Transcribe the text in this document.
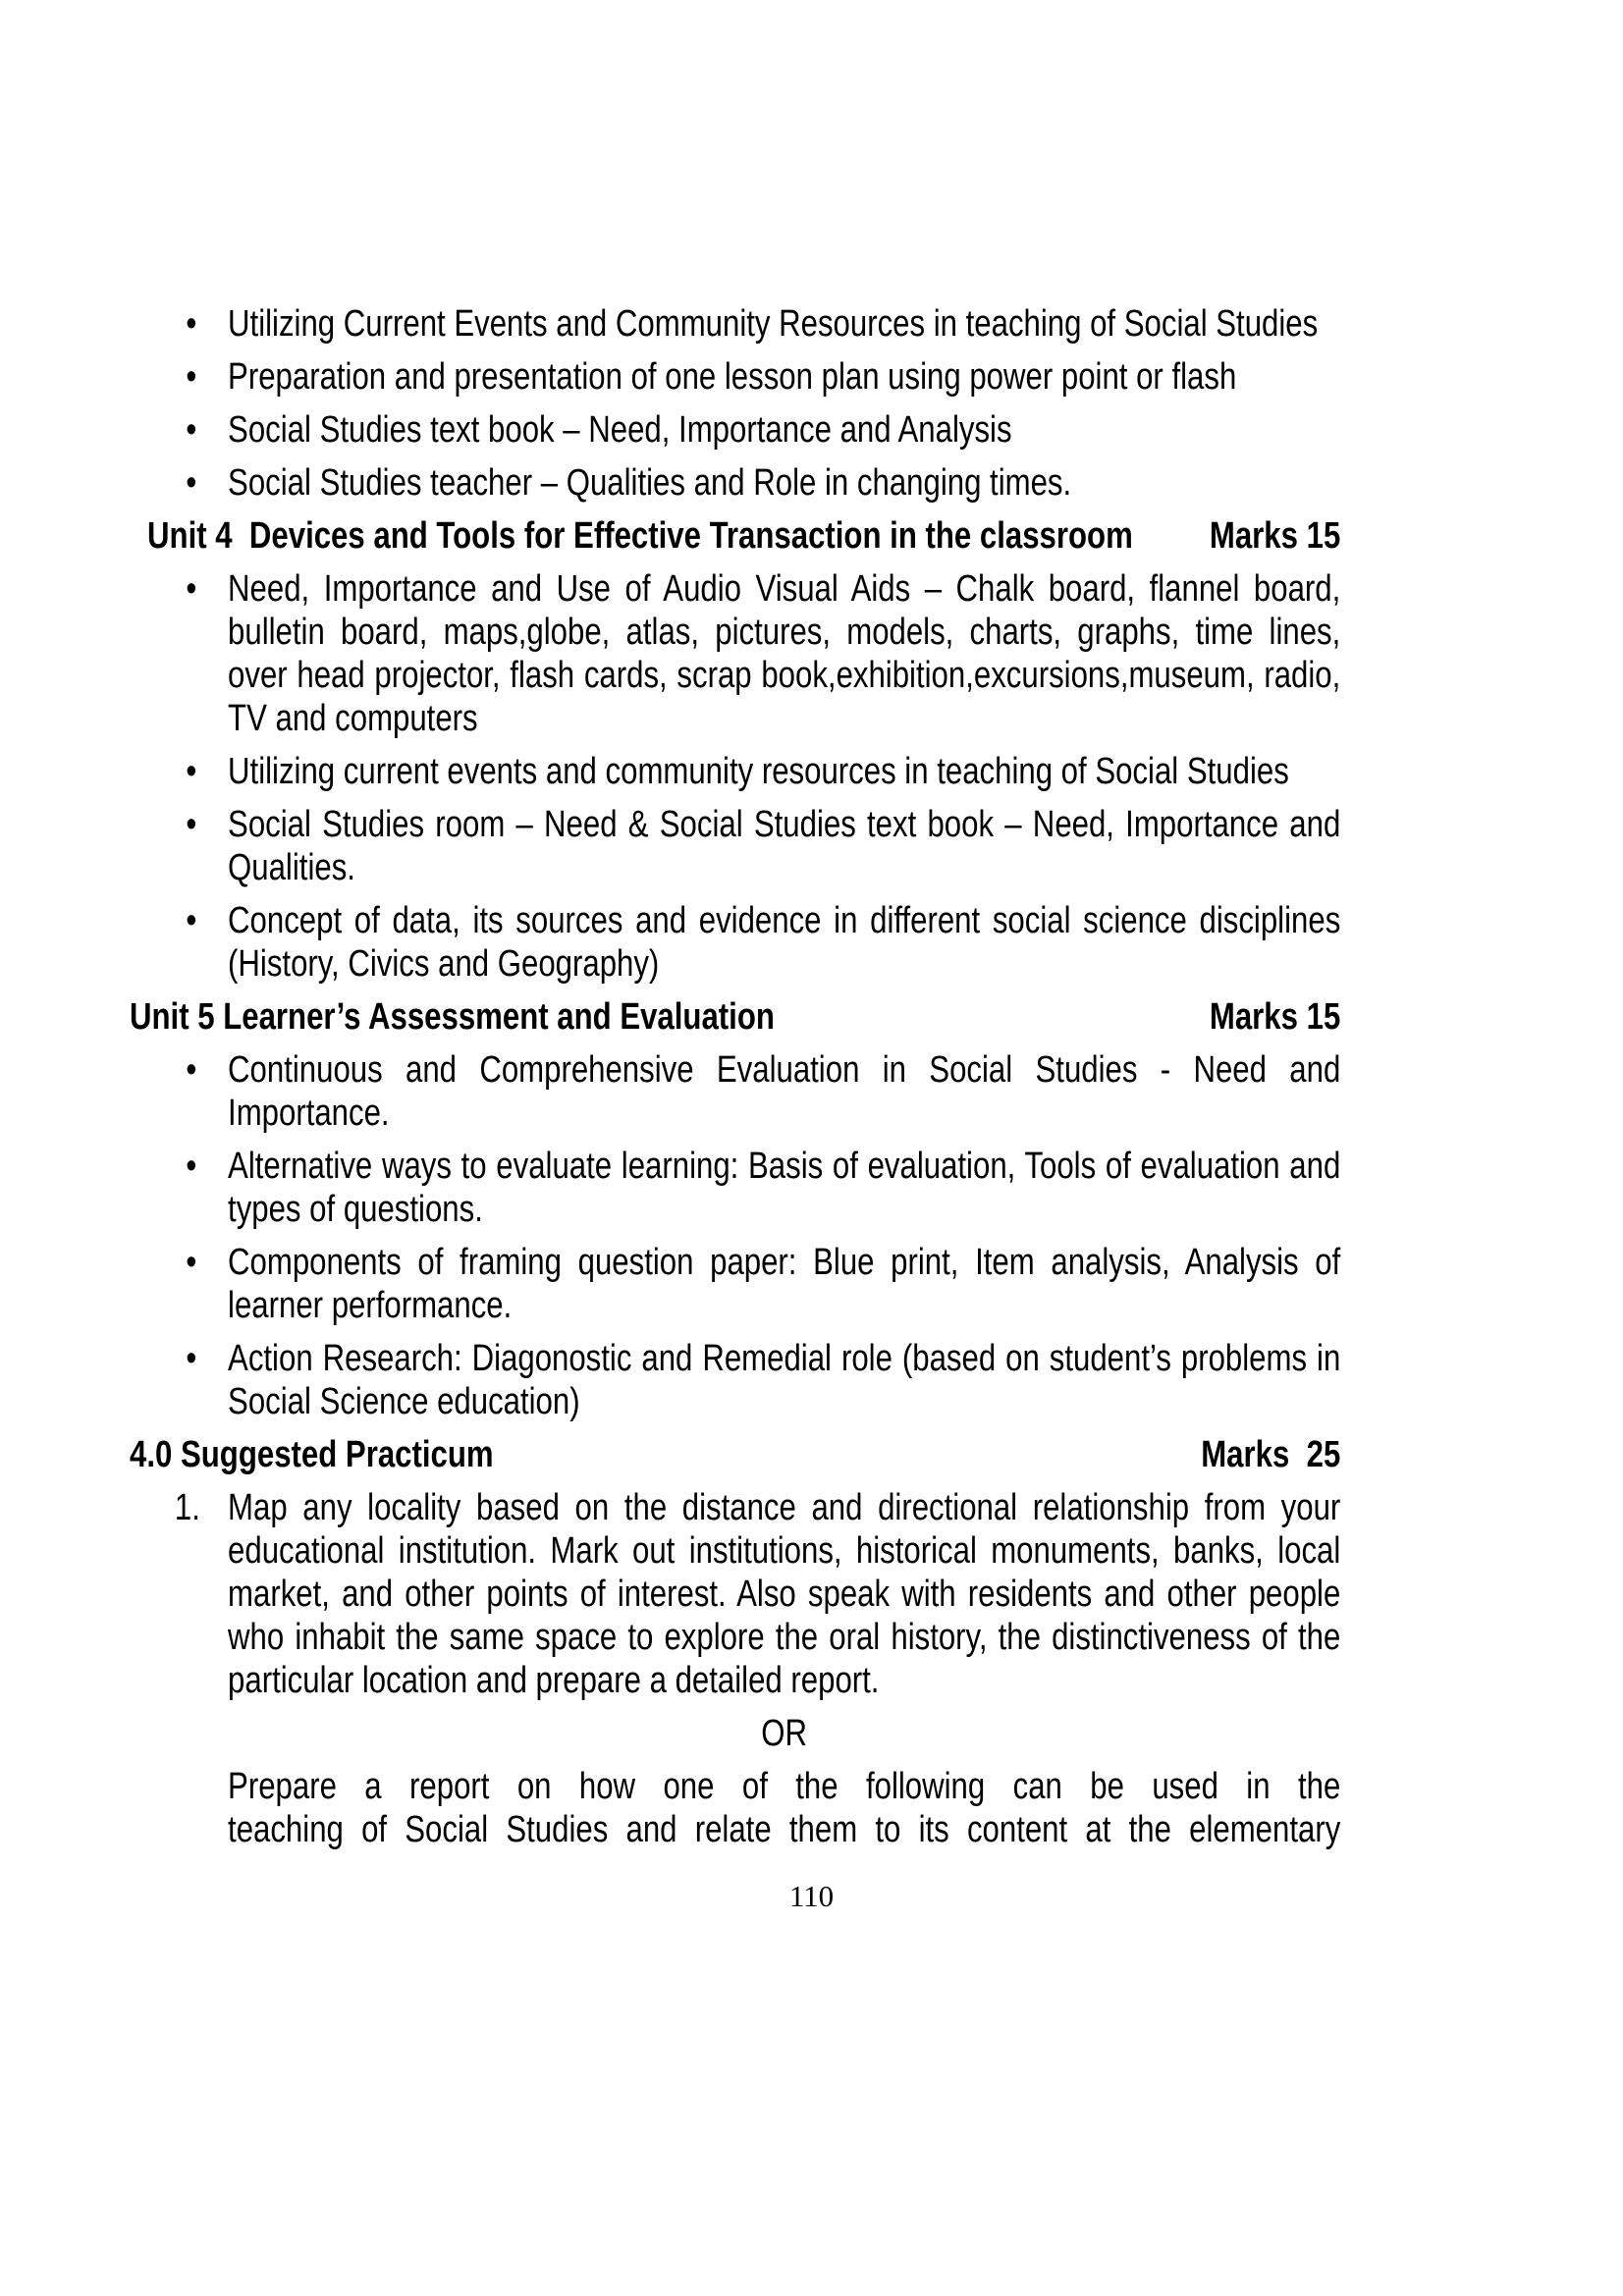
• Utilizing Current Events and Community Resources in teaching of Social Studies
• Preparation and presentation of one lesson plan using power point or flash
• Social Studies text book – Need, Importance and Analysis
• Social Studies teacher – Qualities and Role in changing times.
Unit 4  Devices and Tools for Effective Transaction in the classroom Marks 15
• Need, Importance and Use of Audio Visual Aids – Chalk board, flannel board, bulletin board, maps,globe, atlas, pictures, models, charts, graphs, time lines, over head projector, flash cards, scrap book,exhibition,excursions,museum, radio, TV and computers
• Utilizing current events and community resources in teaching of Social Studies
• Social Studies room – Need & Social Studies text book – Need, Importance and Qualities.
• Concept of data, its sources and evidence in different social science disciplines (History, Civics and Geography)
Unit 5 Learner’s Assessment and Evaluation	Marks 15
• Continuous and Comprehensive Evaluation in Social Studies - Need and Importance.
• Alternative ways to evaluate learning: Basis of evaluation, Tools of evaluation and types of questions.
• Components of framing question paper: Blue print, Item analysis, Analysis of learner performance.
• Action Research: Diagonostic and Remedial role (based on student’s problems in Social Science education)
4.0 Suggested Practicum	Marks  25
1. Map any locality based on the distance and directional relationship from your educational institution. Mark out institutions, historical monuments, banks, local market, and other points of interest. Also speak with residents and other people who inhabit the same space to explore the oral history, the distinctiveness of the particular location and prepare a detailed report.
OR
Prepare a report on how one of the following can be used in the
teaching of Social Studies and relate them to its content at the elementary
110
